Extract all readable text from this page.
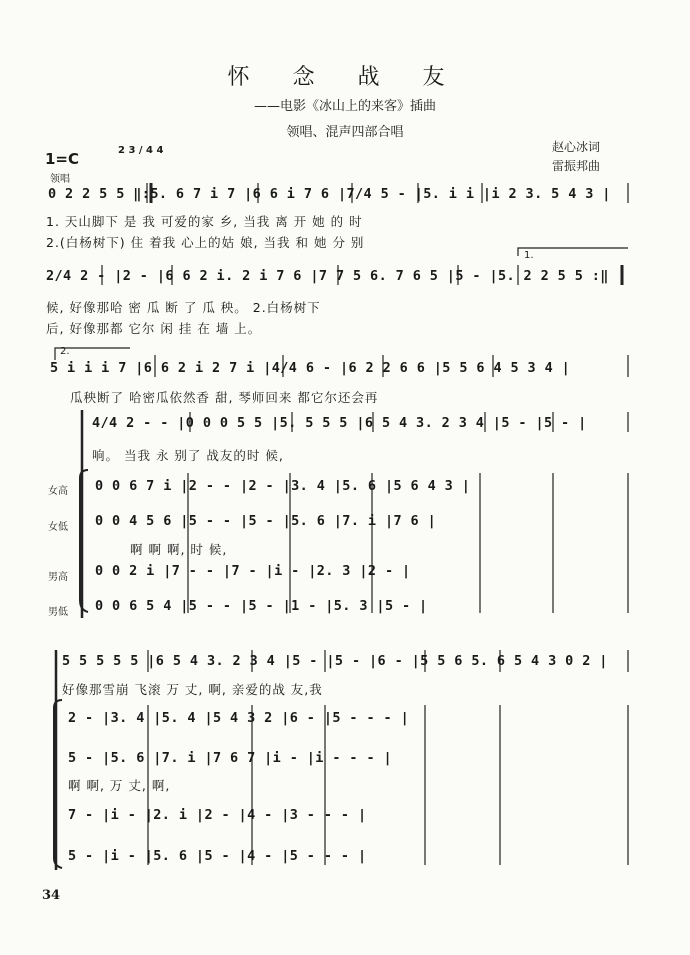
怀 念 战 友
——电影《冰山上的来客》插曲
领唱、混声四部合唱
赵心冰词
雷振邦曲
1=C	2 3 / 4 4
领唱
0 2 2 5 5 ‖:5. 6 7 i 7 |6 6 i 7 6 |7/4 5 - |5. i i |i 2 3. 5 4 3 |
1. 天山脚下 是 我 可爱的家 乡, 当我 离 开 她 的 时
2.(白杨树下) 住 着我 心上的姑 娘, 当我 和 她 分 别
1.
2/4 2 - |2 - |6 6 2 i. 2 i 7 6 |7 7 5 6. 7 6 5 |5 - |5. 2 2 5 5 :‖
候, 好像那哈 密 瓜 断 了 瓜 秧。 2.白杨树下
后, 好像那都 它尔 闲 挂 在 墙 上。
2.
5 i i i 7 |6 6 2 i 2 7 i |4/4 6 - |6 2 2 6 6 |5 5 6 4 5 3 4 |
瓜秧断了 哈密瓜依然香 甜, 琴师回来 都它尔还会再
4/4 2 - - |0 0 0 5 5 |5. 5 5 5 |6 5 4 3. 2 3 4 |5 - |5 - |
响。 当我 永 别了 战友的时 候,
女高 0 0 6 7 i |2 - - |2 - |3. 4 |5. 6 |5 6 4 3 |
女低 0 0 4 5 6 |5 - - |5 - |5. 6 |7. i |7 6 |
啊 啊 啊, 时 候,
男高 0 0 2 i |7 - - |7 - |i - |2. 3 |2 - |
男低 0 0 6 5 4 |5 - - |5 - |1 - |5. 3 |5 - |
5 5 5 5 5 |6 5 4 3. 2 3 4 |5 - |5 - |6 - |5 5 6 5. 6 5 4 3 0 2 |
好像那雪崩 飞滚 万 丈, 啊, 亲爱的战 友,我
2 - |3. 4 |5. 4 |5 4 3 2 |6 - |5 - - - |
5 - |5. 6 |7. i |7 6 7 |i - |i - - - |
啊 啊, 万 丈, 啊,
7 - |i - |2. i |2 - |4 - |3 - - - |
5 - |i - |5. 6 |5 - |4 - |5 - - - |
34
